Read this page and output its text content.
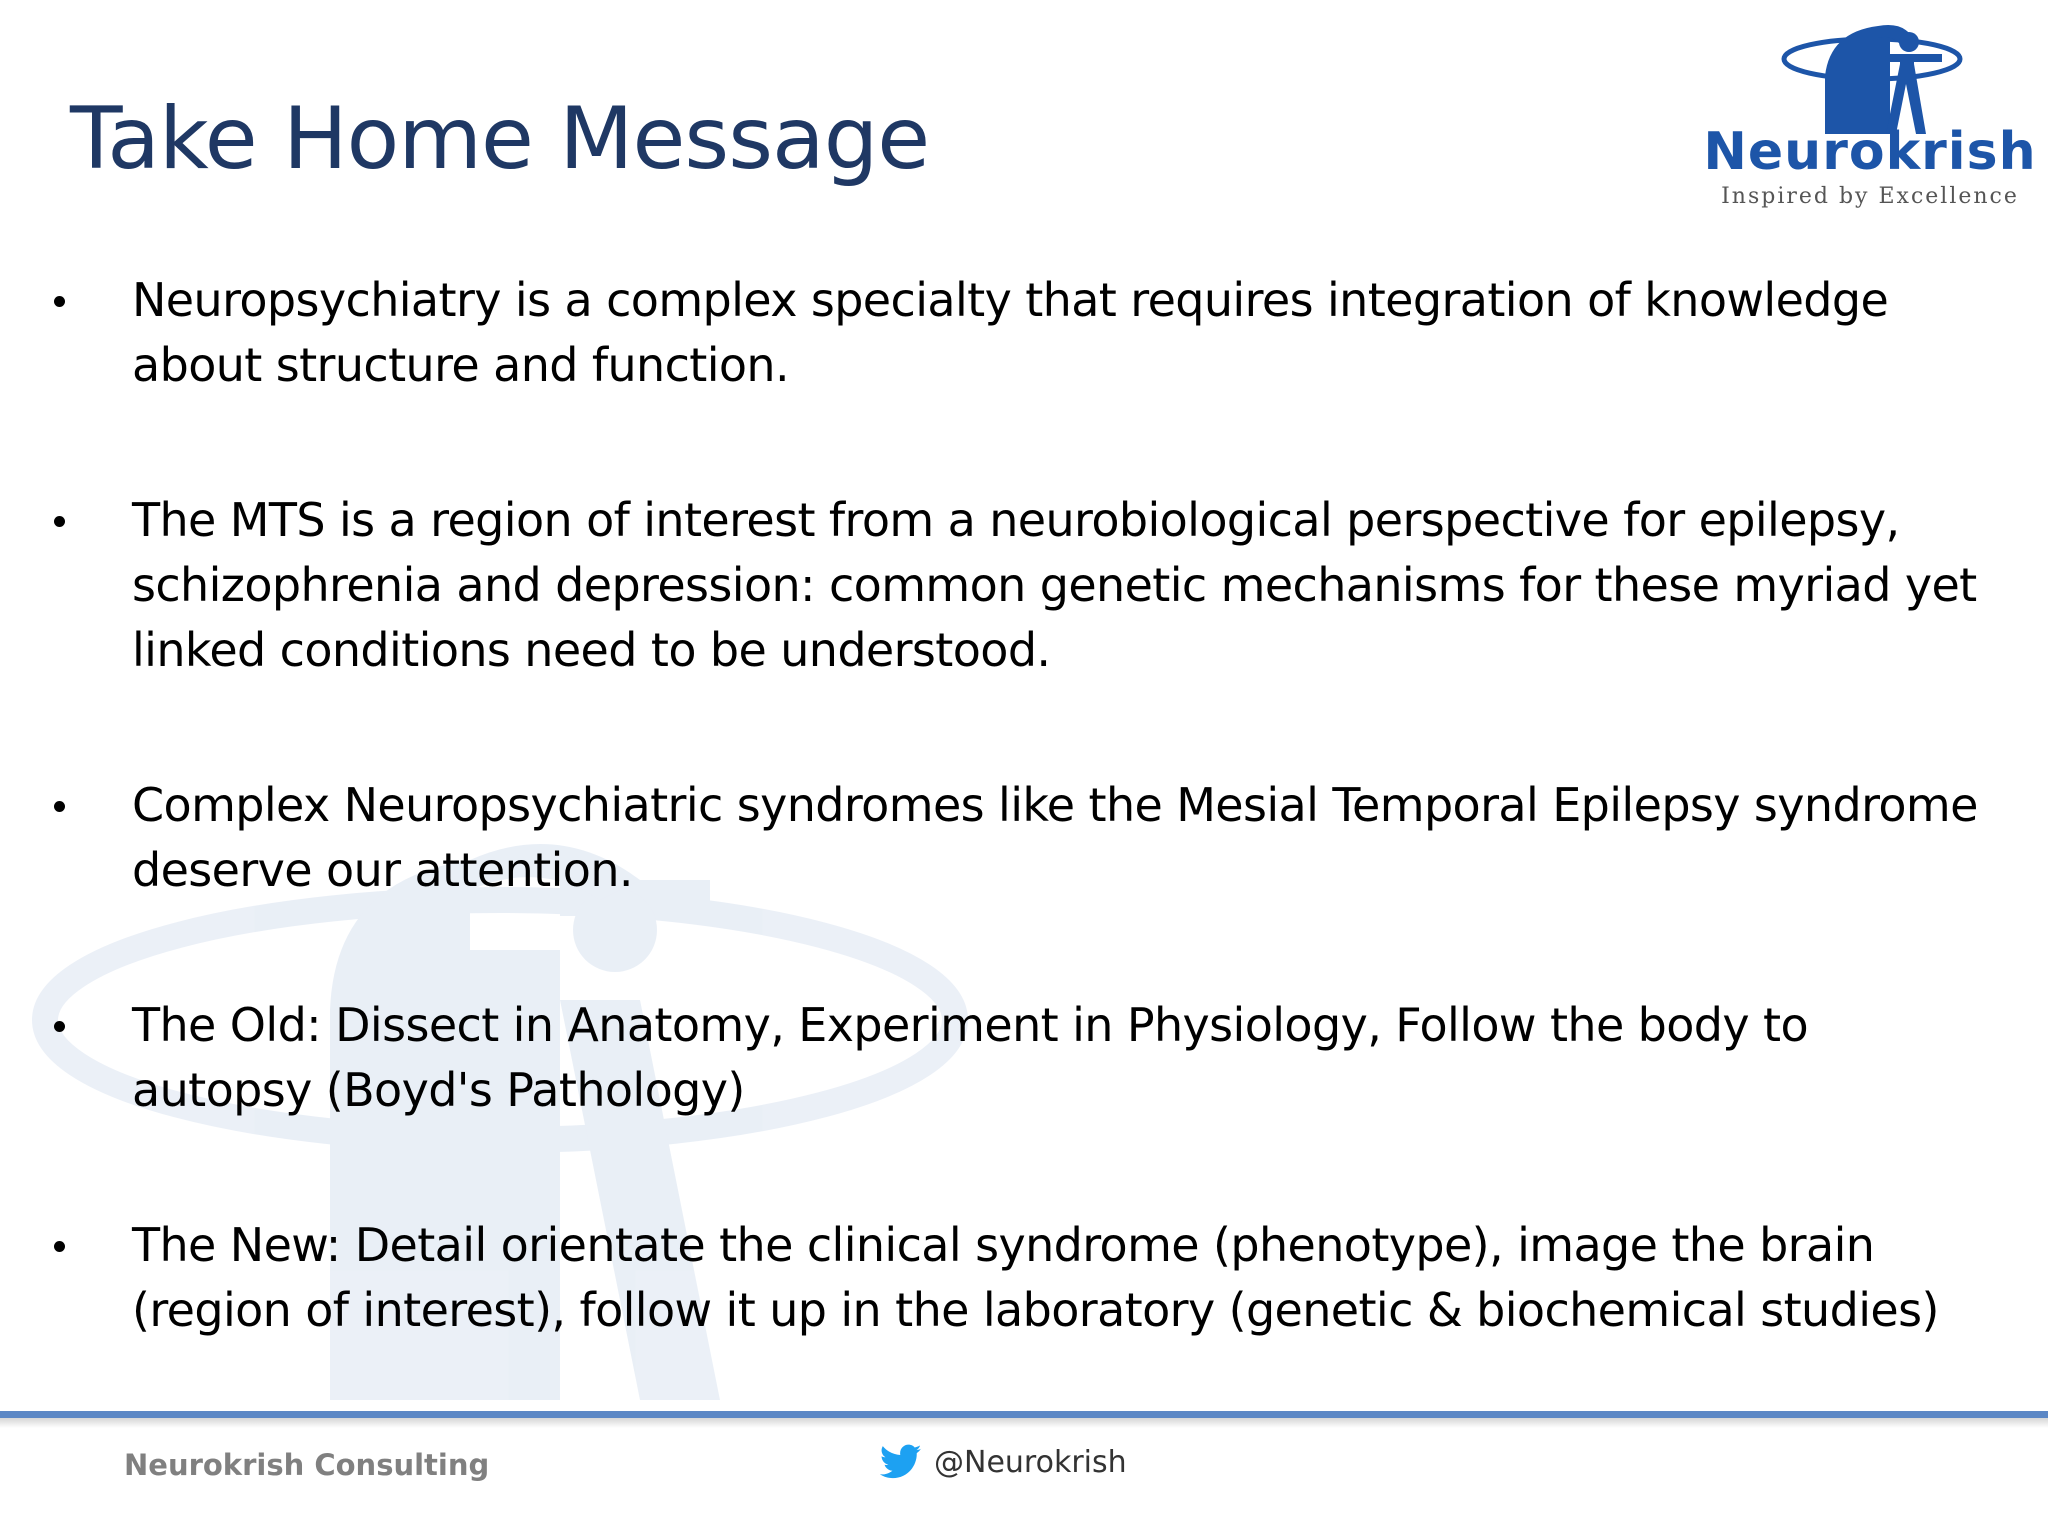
Take Home Message	Neurokrish
Inspired by Excellence
Neuropsychiatry is a complex specialty that requires integration of knowledge about structure and function.
The MTS is a region of interest from a neurobiological perspective for epilepsy, schizophrenia and depression: common genetic mechanisms for these myriad yet linked conditions need to be understood.
Complex Neuropsychiatric syndromes like the Mesial Temporal Epilepsy syndrome deserve our attention.
The Old: Dissect in Anatomy, Experiment in Physiology, Follow the body to autopsy (Boyd's Pathology)
The New: Detail orientate the clinical syndrome (phenotype), image the brain (region of interest), follow it up in the laboratory (genetic & biochemical studies)
Neurokrish Consulting	@Neurokrish
